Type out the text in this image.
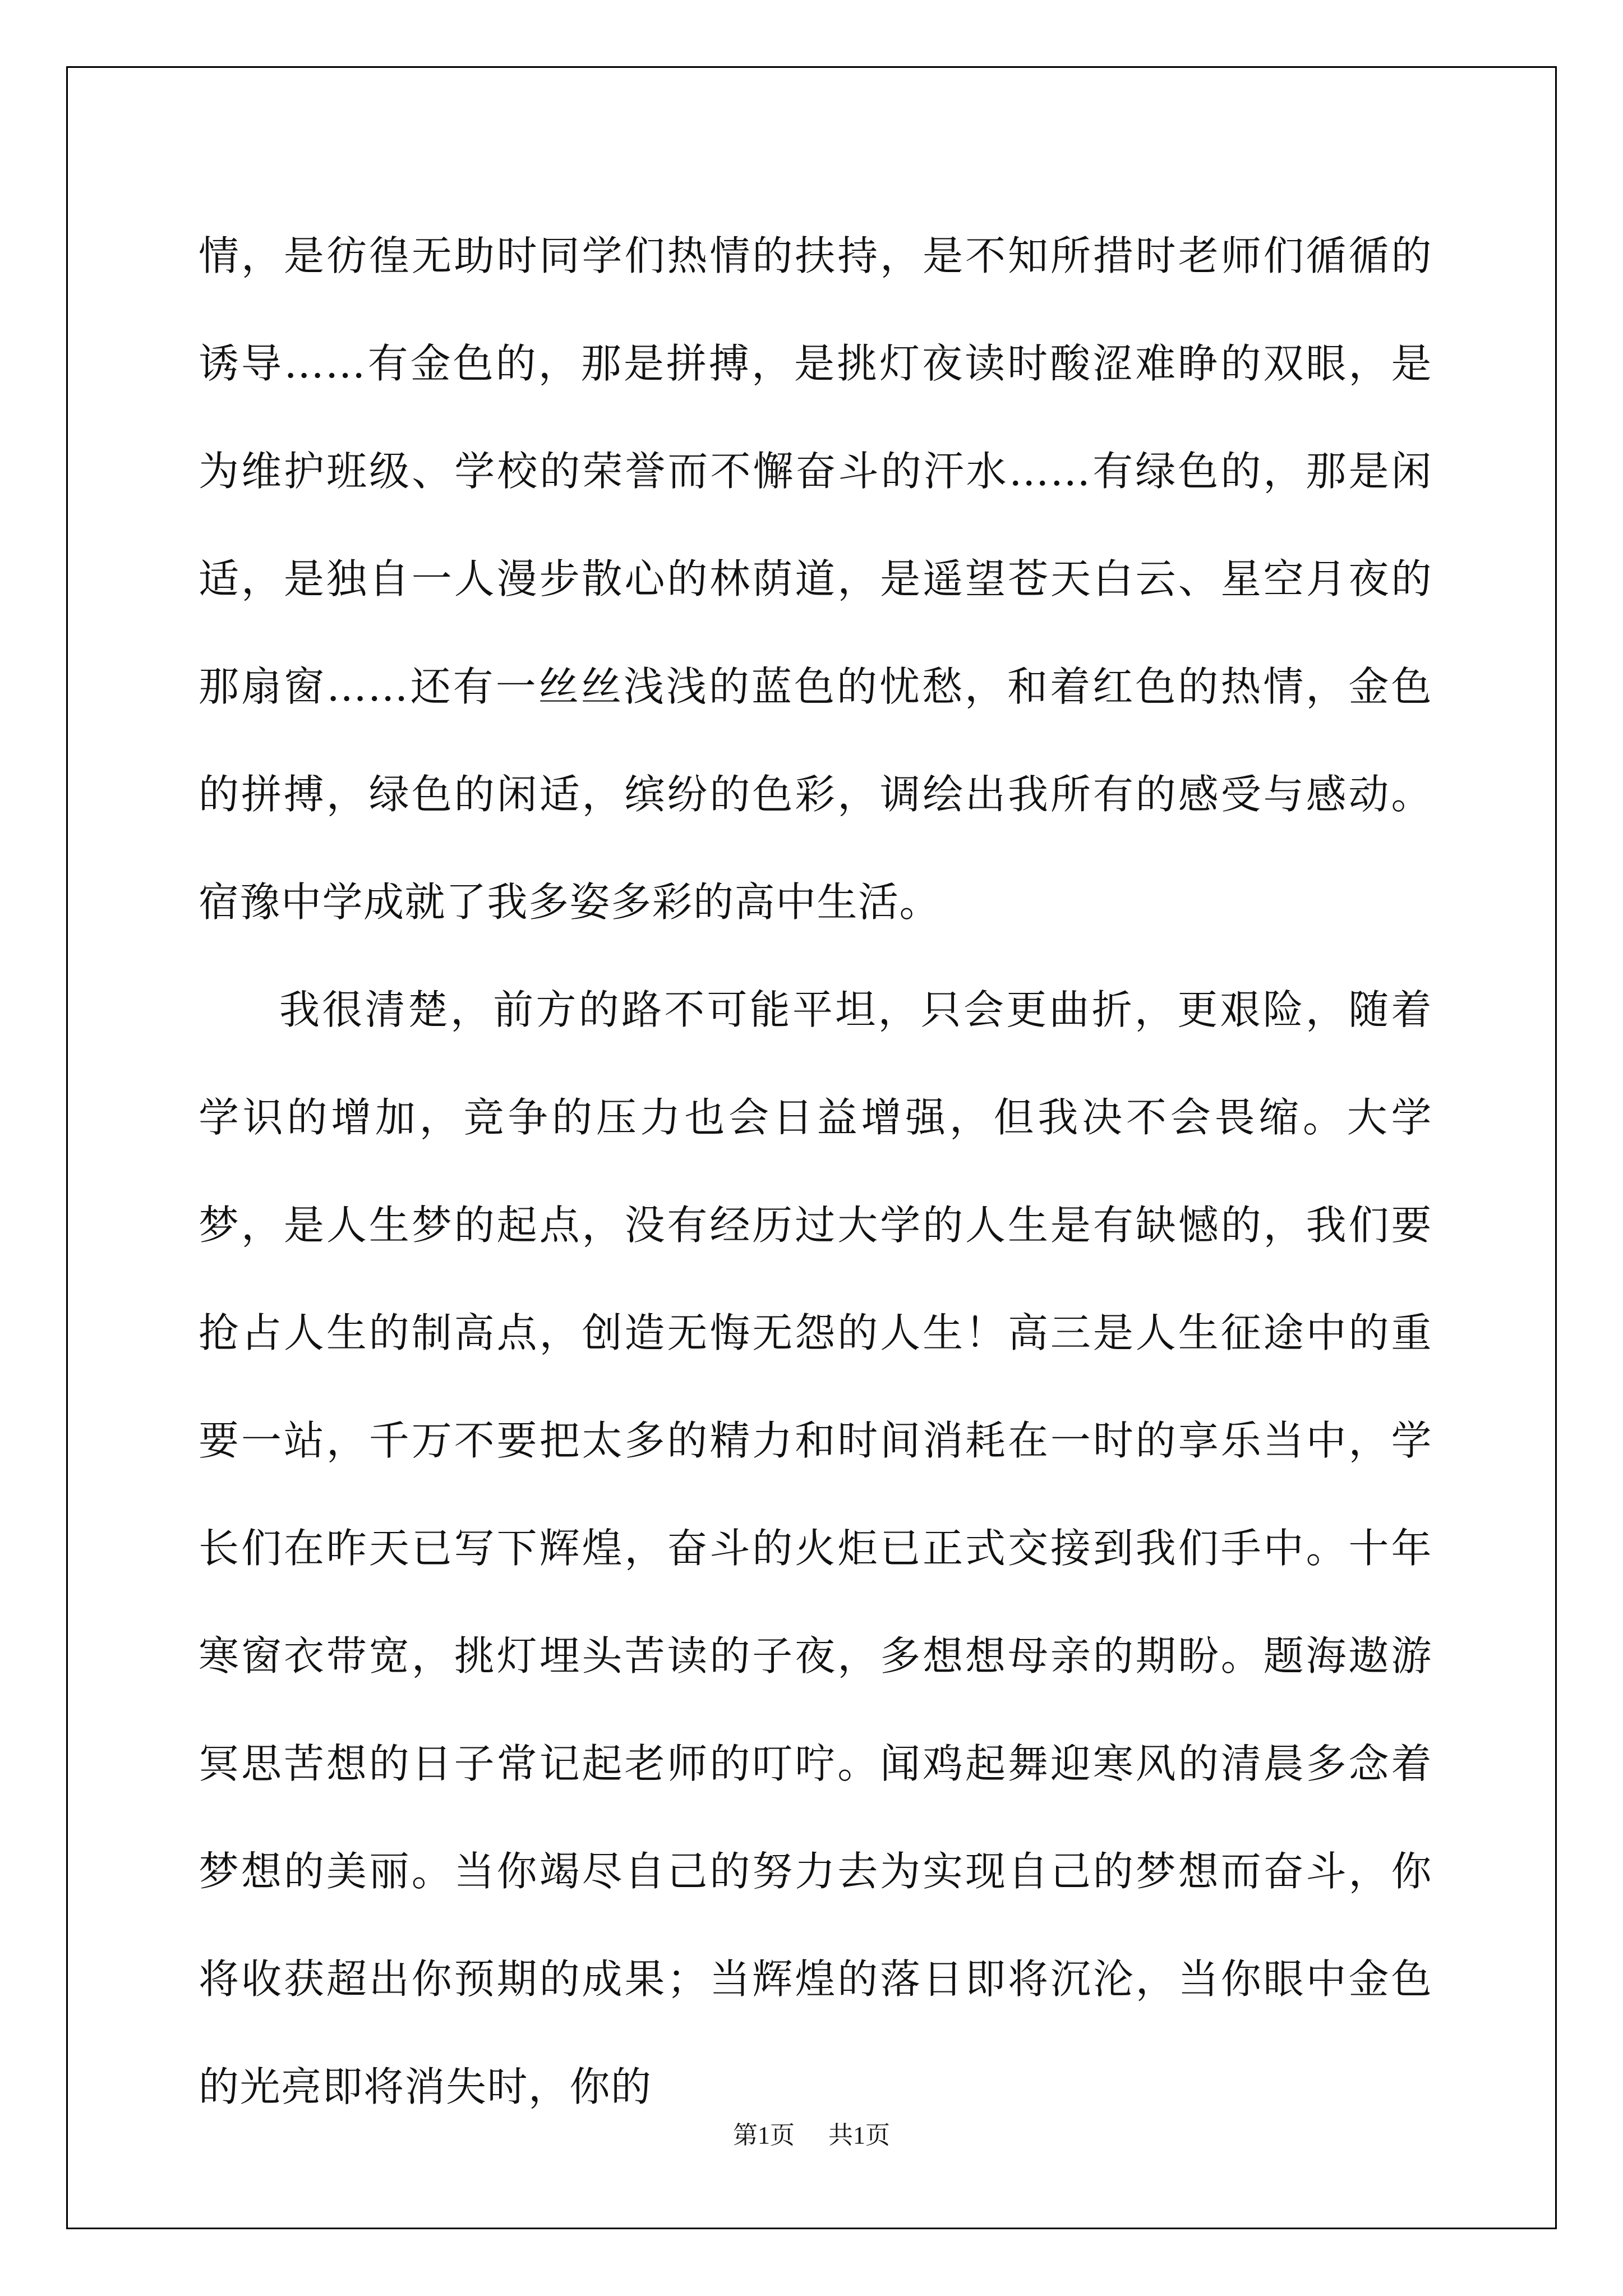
情，是彷徨无助时同学们热情的扶持，是不知所措时老师们循循的诱导……有金色的，那是拼搏，是挑灯夜读时酸涩难睁的双眼，是为维护班级、学校的荣誉而不懈奋斗的汗水……有绿色的，那是闲适，是独自一人漫步散心的林荫道，是遥望苍天白云、星空月夜的那扇窗……还有一丝丝浅浅的蓝色的忧愁，和着红色的热情，金色的拼搏，绿色的闲适，缤纷的色彩，调绘出我所有的感受与感动。宿豫中学成就了我多姿多彩的高中生活。

我很清楚，前方的路不可能平坦，只会更曲折，更艰险，随着学识的增加，竞争的压力也会日益增强，但我决不会畏缩。大学梦，是人生梦的起点，没有经历过大学的人生是有缺憾的，我们要抢占人生的制高点，创造无悔无怨的人生！高三是人生征途中的重要一站，千万不要把太多的精力和时间消耗在一时的享乐当中，学长们在昨天已写下辉煌，奋斗的火炬已正式交接到我们手中。十年寒窗衣带宽，挑灯埋头苦读的子夜，多想想母亲的期盼。题海遨游冥思苦想的日子常记起老师的叮咛。闻鸡起舞迎寒风的清晨多念着梦想的美丽。当你竭尽自己的努力去为实现自己的梦想而奋斗，你将收获超出你预期的成果；当辉煌的落日即将沉沦，当你眼中金色的光亮即将消失时，你的

第1页 共1页
